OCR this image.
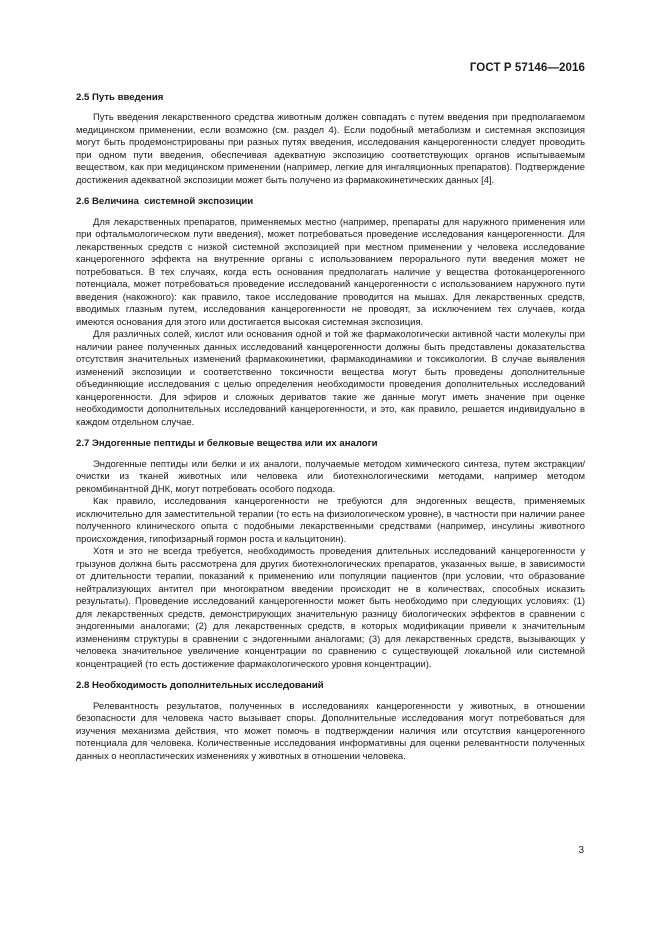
ГОСТ Р 57146—2016
2.5 Путь введения

Путь введения лекарственного средства животным должен совпадать с путем введения при предполагаемом медицинском применении, если возможно (см. раздел 4). Если подобный метаболизм и системная экспозиция могут быть продемонстрированы при разных путях введения, исследования канцерогенности следует проводить при одном пути введения, обеспечивая адекватную экспозицию соответствующих органов испытываемым веществом, как при медицинском применении (например, легкие для ингаляционных препаратов). Подтверждение достижения адекватной экспозиции может быть получено из фармакокинетических данных [4].

2.6 Величина  системной экспозиции

Для лекарственных препаратов, применяемых местно (например, препараты для наружного применения или при офтальмологическом пути введения), может потребоваться проведение исследования канцерогенности. Для лекарственных средств с низкой системной экспозицией при местном применении у человека исследование канцерогенного эффекта на внутренние органы с использованием перорального пути введения может не потребоваться. В тех случаях, когда есть основания предполагать наличие у вещества фотоканцерогенного потенциала, может потребоваться проведение исследований канцерогенности с использованием наружного пути введения (накожного): как правило, такое исследование проводится на мышах. Для лекарственных средств, вводимых глазным путем, исследования канцерогенности не проводят, за исключением тех случаев, когда имеются основания для этого или достигается высокая системная экспозиция.

Для различных солей, кислот или основания одной и той же фармакологически активной части молекулы при наличии ранее полученных данных исследований канцерогенности должны быть представлены доказательства отсутствия значительных изменений фармакокинетики, фармакодинамики и токсикологии. В случае выявления изменений экспозиции и соответственно токсичности вещества могут быть проведены дополнительные объединяющие исследования с целью определения необходимости проведения дополнительных исследований канцерогенности. Для эфиров и сложных дериватов такие же данные могут иметь значение при оценке необходимости дополнительных исследований канцерогенности, и это, как правило, решается индивидуально в каждом отдельном случае.

2.7 Эндогенные пептиды и белковые вещества или их аналоги

Эндогенные пептиды или белки и их аналоги, получаемые методом химического синтеза, путем экстракции/очистки из тканей животных или человека или биотехнологическими методами, например методом рекомбинантной ДНК, могут потребовать особого подхода.

Как правило, исследования канцерогенности не требуются для эндогенных веществ, применяемых исключительно для заместительной терапии (то есть на физиологическом уровне), в частности при наличии ранее полученного клинического опыта с подобными лекарственными средствами (например, инсулины животного происхождения, гипофизарный гормон роста и кальцитонин).

Хотя и это не всегда требуется, необходимость проведения длительных исследований канцерогенности у грызунов должна быть рассмотрена для других биотехнологических препаратов, указанных выше, в зависимости от длительности терапии, показаний к применению или популяции пациентов (при условии, что образование нейтрализующих антител при многократном введении происходит не в количествах, способных исказить результаты). Проведение исследований канцерогенности может быть необходимо при следующих условиях: (1) для лекарственных средств, демонстрирующих значительную разницу биологических эффектов в сравнении с эндогенными аналогами; (2) для лекарственных средств, в которых модификации привели к значительным изменениям структуры в сравнении с эндогенными аналогами; (3) для лекарственных средств, вызывающих у человека значительное увеличение концентрации по сравнению с существующей локальной или системной концентрацией (то есть достижение фармакологического уровня концентрации).

2.8 Необходимость дополнительных исследований

Релевантность результатов, полученных в исследованиях канцерогенности у животных, в отношении безопасности для человека часто вызывает споры. Дополнительные исследования могут потребоваться для изучения механизма действия, что может помочь в подтверждении наличия или отсутствия канцерогенного потенциала для человека. Количественные исследования информативны для оценки релевантности полученных данных о неопластических изменениях у животных в отношении человека.

3
